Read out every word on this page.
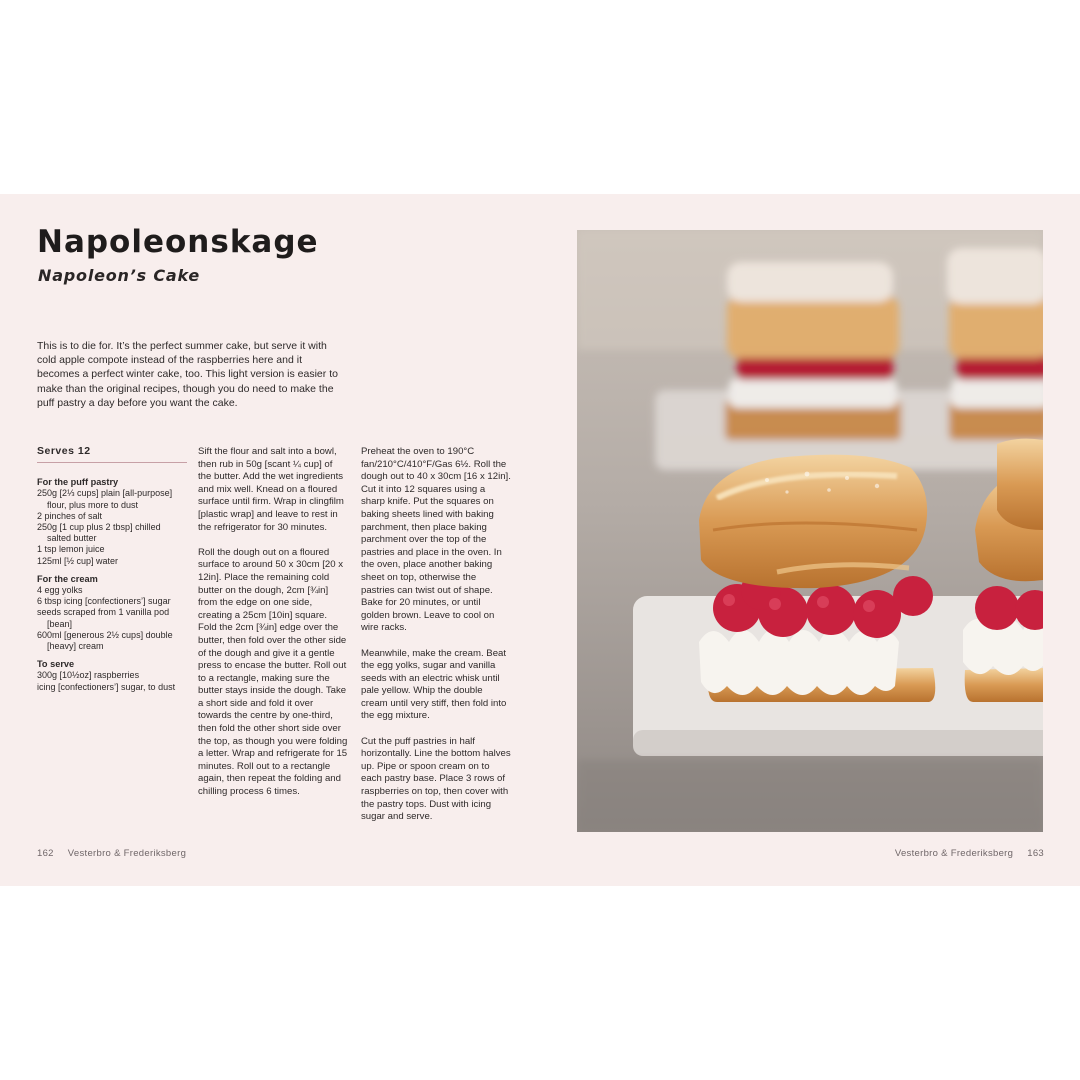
Napoleonskage
Napoleon’s Cake

This is to die for. It’s the perfect summer cake, but serve it with cold apple compote instead of the raspberries here and it becomes a perfect winter cake, too. This light version is easier to make than the original recipes, though you do need to make the puff pastry a day before you want the cake.

Serves 12
For the puff pastry
250g [2⅓ cups] plain [all-purpose] flour, plus more to dust
2 pinches of salt
250g [1 cup plus 2 tbsp] chilled salted butter
1 tsp lemon juice
125ml [½ cup] water
For the cream
4 egg yolks
6 tbsp icing [confectioners’] sugar
seeds scraped from 1 vanilla pod [bean]
600ml [generous 2½ cups] double [heavy] cream
To serve
300g [10½oz] raspberries
icing [confectioners’] sugar, to dust

Sift the flour and salt into a bowl, then rub in 50g [scant ¼ cup] of the butter. Add the wet ingredients and mix well. Knead on a floured surface until firm. Wrap in clingfilm [plastic wrap] and leave to rest in the refrigerator for 30 minutes.

Roll the dough out on a floured surface to around 50 x 30cm [20 x 12in]. Place the remaining cold butter on the dough, 2cm [¾in] from the edge on one side, creating a 25cm [10in] square. Fold the 2cm [¾in] edge over the butter, then fold over the other side of the dough and give it a gentle press to encase the butter. Roll out to a rectangle, making sure the butter stays inside the dough. Take a short side and fold it over towards the centre by one-third, then fold the other short side over the top, as though you were folding a letter. Wrap and refrigerate for 15 minutes. Roll out to a rectangle again, then repeat the folding and chilling process 6 times.

Preheat the oven to 190°C fan/210°C/410°F/Gas 6½. Roll the dough out to 40 x 30cm [16 x 12in]. Cut it into 12 squares using a sharp knife. Put the squares on baking sheets lined with baking parchment, then place baking parchment over the top of the pastries and place in the oven. In the oven, place another baking sheet on top, otherwise the pastries can twist out of shape. Bake for 20 minutes, or until golden brown. Leave to cool on wire racks.

Meanwhile, make the cream. Beat the egg yolks, sugar and vanilla seeds with an electric whisk until pale yellow. Whip the double cream until very stiff, then fold into the egg mixture.

Cut the puff pastries in half horizontally. Line the bottom halves up. Pipe or spoon cream on to each pastry base. Place 3 rows of raspberries on top, then cover with the pastry tops. Dust with icing sugar and serve.

162 Vesterbro & Frederiksberg	Vesterbro & Frederiksberg 163
